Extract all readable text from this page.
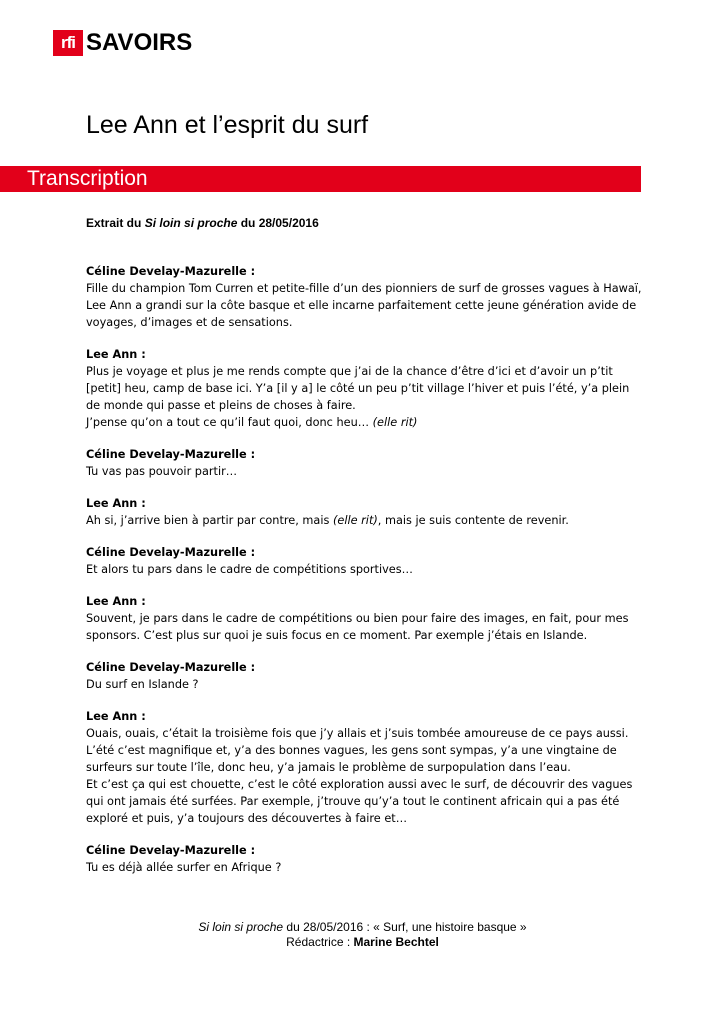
rfi SAVOIRS
Lee Ann et l’esprit du surf
Transcription
Extrait du Si loin si proche du 28/05/2016
Céline Develay-Mazurelle :
Fille du champion Tom Curren et petite-fille d’un des pionniers de surf de grosses vagues à Hawaï, Lee Ann a grandi sur la côte basque et elle incarne parfaitement cette jeune génération avide de voyages, d’images et de sensations.
Lee Ann :
Plus je voyage et plus je me rends compte que j’ai de la chance d’être d’ici et d’avoir un p’tit [petit] heu, camp de base ici. Y’a [il y a] le côté un peu p’tit village l’hiver et puis l’été, y’a plein de monde qui passe et pleins de choses à faire.
J’pense qu’on a tout ce qu’il faut quoi, donc heu… (elle rit)
Céline Develay-Mazurelle :
Tu vas pas pouvoir partir…
Lee Ann :
Ah si, j’arrive bien à partir par contre, mais (elle rit), mais je suis contente de revenir.
Céline Develay-Mazurelle :
Et alors tu pars dans le cadre de compétitions sportives…
Lee Ann :
Souvent, je pars dans le cadre de compétitions ou bien pour faire des images, en fait, pour mes sponsors. C’est plus sur quoi je suis focus en ce moment. Par exemple j’étais en Islande.
Céline Develay-Mazurelle :
Du surf en Islande ?
Lee Ann :
Ouais, ouais, c’était la troisième fois que j’y allais et j’suis tombée amoureuse de ce pays aussi. L’été c’est magnifique et, y’a des bonnes vagues, les gens sont sympas, y’a une vingtaine de surfeurs sur toute l’île, donc heu, y’a jamais le problème de surpopulation dans l’eau.
Et c’est ça qui est chouette, c’est le côté exploration aussi avec le surf, de découvrir des vagues qui ont jamais été surfées. Par exemple, j’trouve qu’y’a tout le continent africain qui a pas été exploré et puis, y’a toujours des découvertes à faire et…
Céline Develay-Mazurelle :
Tu es déjà allée surfer en Afrique ?
Si loin si proche du 28/05/2016 : « Surf, une histoire basque »
Rédactrice : Marine Bechtel
